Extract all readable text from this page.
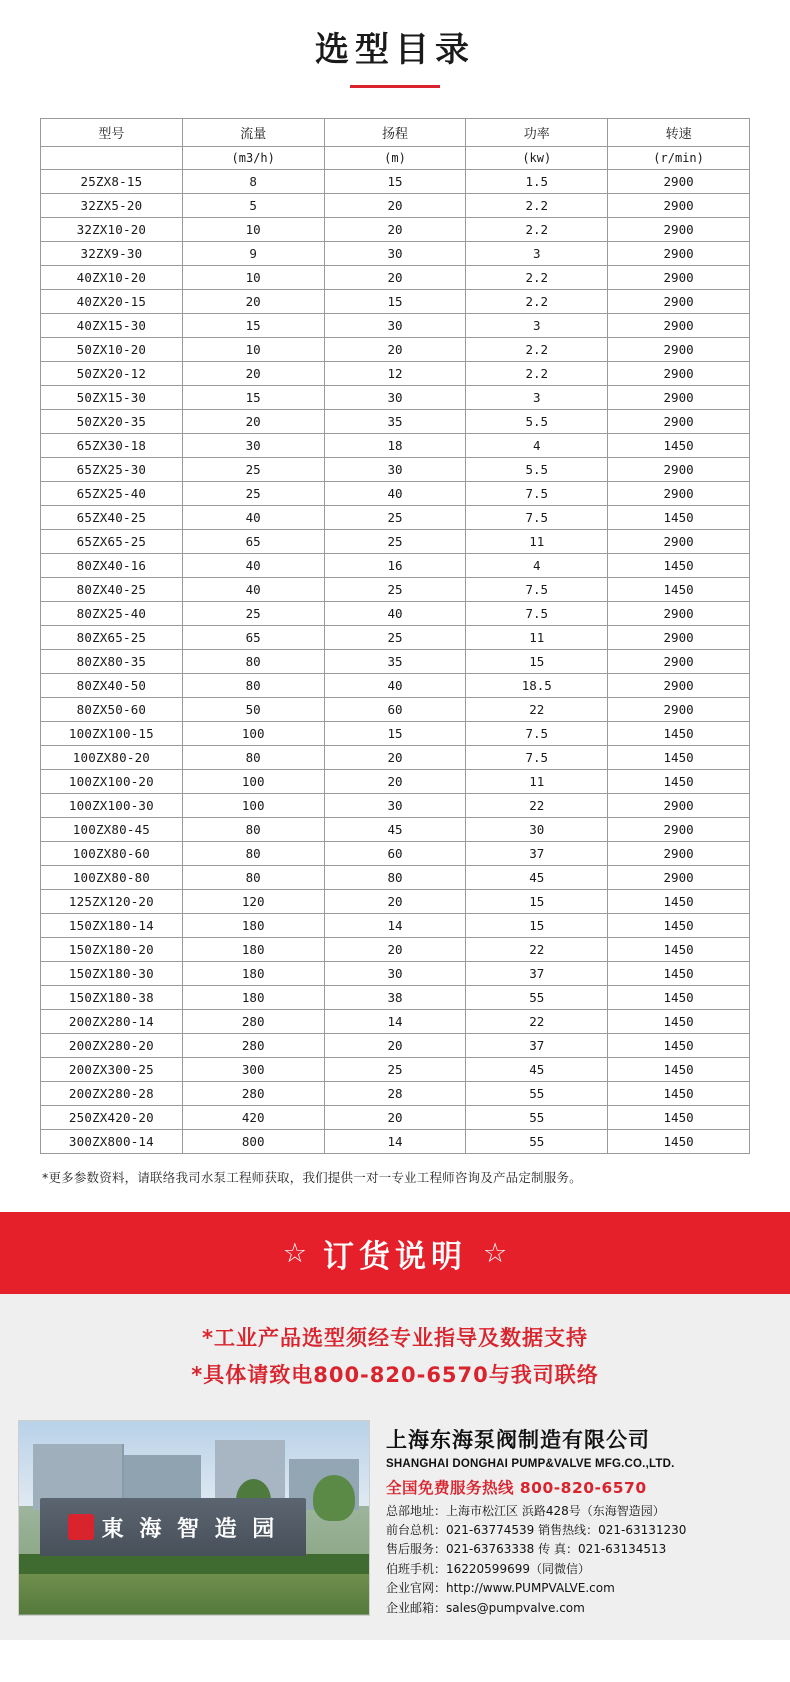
选型目录
型号	流量	扬程	功率	转速
	(m3/h)	(m)	(kw)	(r/min)
25ZX8-15	8	15	1.5	2900
32ZX5-20	5	20	2.2	2900
32ZX10-20	10	20	2.2	2900
32ZX9-30	9	30	3	2900
40ZX10-20	10	20	2.2	2900
40ZX20-15	20	15	2.2	2900
40ZX15-30	15	30	3	2900
50ZX10-20	10	20	2.2	2900
50ZX20-12	20	12	2.2	2900
50ZX15-30	15	30	3	2900
50ZX20-35	20	35	5.5	2900
65ZX30-18	30	18	4	1450
65ZX25-30	25	30	5.5	2900
65ZX25-40	25	40	7.5	2900
65ZX40-25	40	25	7.5	1450
65ZX65-25	65	25	11	2900
80ZX40-16	40	16	4	1450
80ZX40-25	40	25	7.5	1450
80ZX25-40	25	40	7.5	2900
80ZX65-25	65	25	11	2900
80ZX80-35	80	35	15	2900
80ZX40-50	80	40	18.5	2900
80ZX50-60	50	60	22	2900
100ZX100-15	100	15	7.5	1450
100ZX80-20	80	20	7.5	1450
100ZX100-20	100	20	11	1450
100ZX100-30	100	30	22	2900
100ZX80-45	80	45	30	2900
100ZX80-60	80	60	37	2900
100ZX80-80	80	80	45	2900
125ZX120-20	120	20	15	1450
150ZX180-14	180	14	15	1450
150ZX180-20	180	20	22	1450
150ZX180-30	180	30	37	1450
150ZX180-38	180	38	55	1450
200ZX280-14	280	14	22	1450
200ZX280-20	280	20	37	1450
200ZX300-25	300	25	45	1450
200ZX280-28	280	28	55	1450
250ZX420-20	420	20	55	1450
300ZX800-14	800	14	55	1450
*更多参数资料，请联络我司水泵工程师获取，我们提供一对一专业工程师咨询及产品定制服务。
☆ 订货说明 ☆
*工业产品选型须经专业指导及数据支持
*具体请致电800-820-6570与我司联络
東 海 智 造 园
上海东海泵阀制造有限公司
SHANGHAI DONGHAI PUMP&VALVE MFG.CO.,LTD.
全国免费服务热线 800-820-6570
总部地址：上海市松江区 浜路428号（东海智造园）
前台总机：021-63774539 销售热线：021-63131230
售后服务：021-63763338 传 真：021-63134513
伯班手机：16220599699（同微信）
企业官网：http://www.PUMPVALVE.com
企业邮箱：sales@pumpvalve.com
